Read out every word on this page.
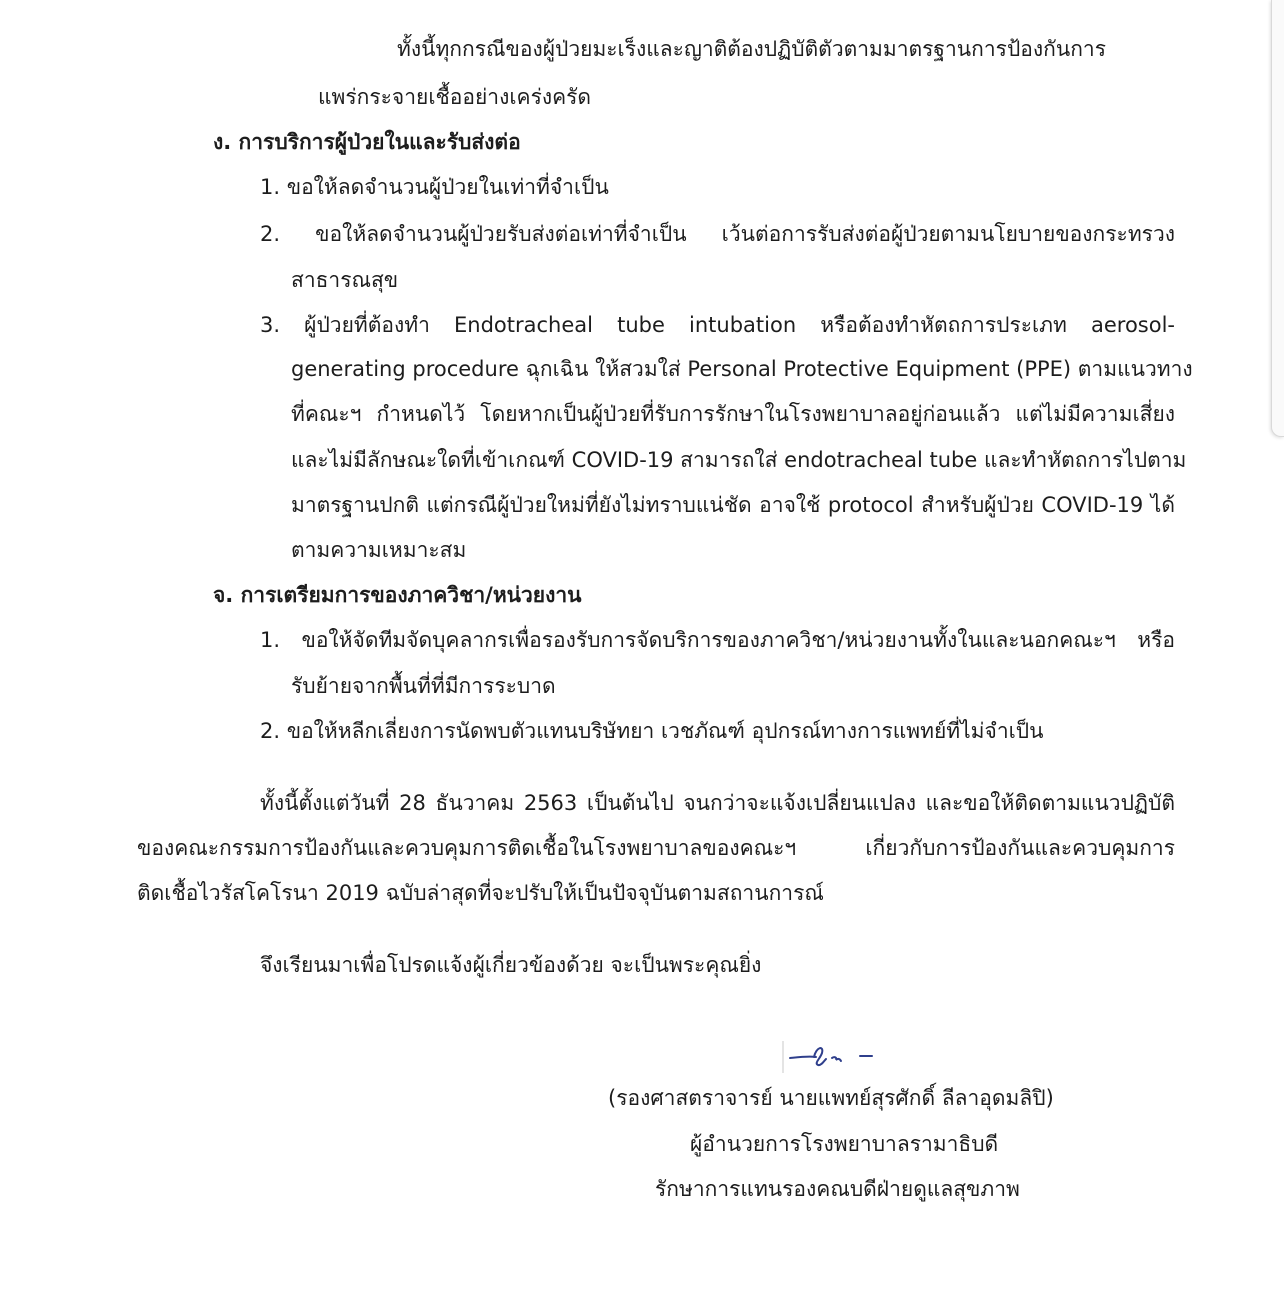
ทั้งนี้ทุกกรณีของผู้ป่วยมะเร็งและญาติต้องปฏิบัติตัวตามมาตรฐานการป้องกันการ
แพร่กระจายเชื้ออย่างเคร่งครัด
ง. การบริการผู้ป่วยในและรับส่งต่อ
1. ขอให้ลดจำนวนผู้ป่วยในเท่าที่จำเป็น
2. ขอให้ลดจำนวนผู้ป่วยรับส่งต่อเท่าที่จำเป็น เว้นต่อการรับส่งต่อผู้ป่วยตามนโยบายของกระทรวง
สาธารณสุข
3. ผู้ป่วยที่ต้องทำ Endotracheal tube intubation หรือต้องทำหัตถการประเภท aerosol-
generating procedure ฉุกเฉิน ให้สวมใส่ Personal Protective Equipment (PPE) ตามแนวทาง
ที่คณะฯ กำหนดไว้ โดยหากเป็นผู้ป่วยที่รับการรักษาในโรงพยาบาลอยู่ก่อนแล้ว แต่ไม่มีความเสี่ยง
และไม่มีลักษณะใดที่เข้าเกณฑ์ COVID-19 สามารถใส่ endotracheal tube และทำหัตถการไปตาม
มาตรฐานปกติ แต่กรณีผู้ป่วยใหม่ที่ยังไม่ทราบแน่ชัด อาจใช้ protocol สำหรับผู้ป่วย COVID-19 ได้
ตามความเหมาะสม
จ. การเตรียมการของภาควิชา/หน่วยงาน
1. ขอให้จัดทีมจัดบุคลากรเพื่อรองรับการจัดบริการของภาควิชา/หน่วยงานทั้งในและนอกคณะฯ หรือ
รับย้ายจากพื้นที่ที่มีการระบาด
2. ขอให้หลีกเลี่ยงการนัดพบตัวแทนบริษัทยา เวชภัณฑ์ อุปกรณ์ทางการแพทย์ที่ไม่จำเป็น
ทั้งนี้ตั้งแต่วันที่ 28 ธันวาคม 2563 เป็นต้นไป จนกว่าจะแจ้งเปลี่ยนแปลง และขอให้ติดตามแนวปฏิบัติ
ของคณะกรรมการป้องกันและควบคุมการติดเชื้อในโรงพยาบาลของคณะฯ เกี่ยวกับการป้องกันและควบคุมการ
ติดเชื้อไวรัสโคโรนา 2019 ฉบับล่าสุดที่จะปรับให้เป็นปัจจุบันตามสถานการณ์
จึงเรียนมาเพื่อโปรดแจ้งผู้เกี่ยวข้องด้วย จะเป็นพระคุณยิ่ง
(รองศาสตราจารย์ นายแพทย์สุรศักดิ์ ลีลาอุดมลิปิ)
ผู้อำนวยการโรงพยาบาลรามาธิบดี
รักษาการแทนรองคณบดีฝ่ายดูแลสุขภาพ
